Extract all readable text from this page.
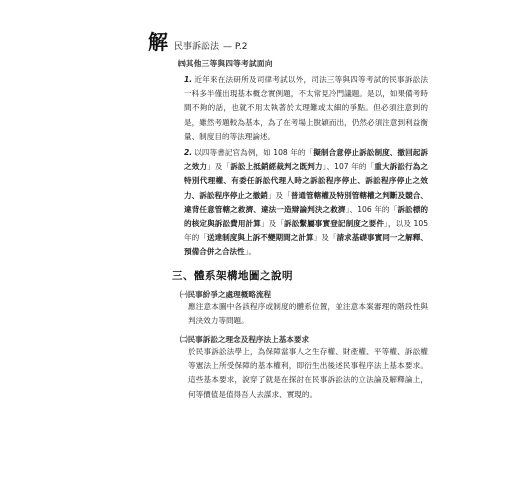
解 民事訴訟法 — P.2
㈣其他三等與四等考試面向
1. 近年來在法研所及司律考試以外，司法三等與四等考試的民事訴訟法一科多半僅出現基本概念實例題，不太常見冷門議題。是以，如果備考時間不夠的話，也就不用太執著於太理難或太細的爭點。但必須注意到的是，雖然考題較為基本，為了在考場上脫穎而出，仍然必須注意到利益衡量、制度目的等法理論述。
2. 以四等書記官為例，如 108 年的「擬制合意停止訴訟制度、撤回起訴之效力」及「訴訟上抵銷經裁判之既判力」、107 年的「重大訴訟行為之特別代理權、有委任訴訟代理人時之訴訟程序停止、訴訟程序停止之效力、訴訟程序停止之撤銷」及「普通管轄權及特別管轄權之判斷及競合、違背任意管轄之救濟、違法一造辯論判決之救濟」、106 年的「訴訟標的的核定與訴訟費用計算」及「訴訟繫屬事實登記制度之要件」，以及 105 年的「送達制度與上訴不變期間之計算」及「請求基礎事實同一之解釋、預備合併之合法性」。
三、體系架構地圖之說明
㈠民事紛爭之處理概略流程
應注意本圖中各該程序或制度的體系位置，並注意本案審理的階段性與判決效力等問題。
㈡民事訴訟之理念及程序法上基本要求
於民事訴訟法學上，為保障當事人之生存權、財產權、平等權、訴訟權等憲法上所受保障的基本權利，即衍生出後述民事程序法上基本要求。這些基本要求，說穿了就是在探討在民事訴訟法的立法論及解釋論上，何等價值是值得吾人去謀求、實現的。
